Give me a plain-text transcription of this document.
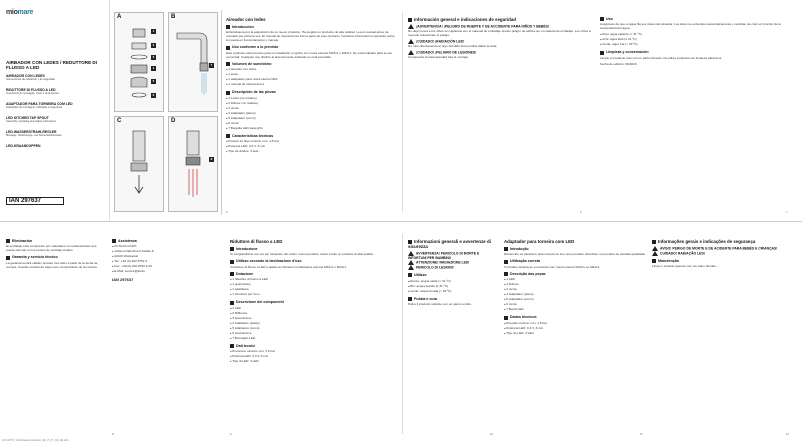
miomare
AIRBADOR CON LEDES / REDUTTORE DI FLUSSO A LED
AIREADOR CON LEDES
Instrucciones de utilización y de seguridad
RIDUTTORE DI FLUSSO A LED
Avvertenze di montaggio, d'uso e di sicurezza
ADAPTADOR PARA TORNEIRA COM LED
Indicações de montagem, utilização e segurança
LED KITCHEN TAP SPOUT
Assembly, operating and safety instructions
LED-WASSERSTRAHLREGLER
Montage-, Bedienungs- und Sicherheitshinweise
LED-KRAANDOPPEN
IAN 297637
A
1
2
3
4
5
6
B
7
C	D
8
Aireador con ledes
Introducción

Enhorabuena por la adquisición de su nuevo producto. Ha elegido un producto de alta calidad. Lea el manual antes de montarlo por primera vez. El manual de instrucciones forma parte de este producto. Contiene información importante sobre la puesta en funcionamiento y manejo.

Uso conforme a lo previsto

Este producto está previsto para su instalación en grifos con rosca exterior M22x1 o M24x1. No está indicado para el uso comercial. Cualquier uso distinto al anteriormente indicado no está permitido.

Volumen de suministro
● 1 aireador con ledes
● 1 junta
● 1 adaptador para rosca interior M24
● 1 manual de instrucciones
Descripción de las piezas
● 1 Ledes (no rotativo)
● 2 Difusor (no rotativo)
● 3 Junta
● 4 Adaptador (plano)
● 5 Adaptador (curvo)
● 6 Junta
● 7 Boquilla LED para grifo
Características técnicas
● Presión de flujo mínima: mín. 1,5 bar
● Potencia LED: 0,3 V, 6 mA
● Tipo de diodos: 3 leds
5
Información general e indicaciones de seguridad
¡ADVERTENCIA! ¡PELIGRO DE MUERTE Y DE ACCIDENTE PARA NIÑOS Y BEBÉS!

No deje nunca a los niños sin vigilancia con el material de embalaje. Existe peligro de asfixia por el material de embalaje. Los niños a menudo subestiman el peligro.

¡CUIDADO! ¡RADIACIÓN LED!

No mire directamente al rayo del LED. Esto podría dañar la vista.

¡CUIDADO! ¡PELIGRO DE LESIONES!

Compruebe la estanqueidad tras el montaje.

6
Uso

Asegúrese de que el agua fluya a través del aireador. Los ledes se encienden automáticamente y cambian de color en función de la temperatura del agua.

● Rojo: agua caliente (> 31 ºC)
● Azul: agua tibia (≤ 31 ºC)
● Verde: agua fría (< 29 ºC)
Limpieza y conservación

Limpie el producto solo con un paño húmedo. No utilice productos de limpieza abrasivos.

Fecha de edición: 06/2018

7
Eliminación

El embalaje está compuesto por materiales no contaminantes que puede eliminar en los puntos de reciclaje locales.

Garantía y servicio técnico

La garantía tendrá validez durante tres años a partir de la fecha de compra. Guarde el ticket de caja como comprobante de la compra.

Assistenza
● Kil Smith GmbH
● Johann-Hahnbruch-Straße 8
● 42103 Wuppertal
● Tel.: +49 (0) 202 8752 4
● Fax: +49 (0) 202 8752 4-29
● E-Mail: service@kil.de
IAN 297637
8
Riduttore di flusso a LED
Introduzione

Ci congratuliamo con voi per l'acquisto del vostro nuovo prodotto. Avete scelto un prodotto di alta qualità.

Utilizzo secondo la destinazione d'uso

Il riduttore di flusso a LED è adatto ai rubinetti con filettatura esterna M22x1 o M24x1.

Dotazione
● 1 riduttore di flusso a LED
● 1 guarnizione
● 1 adattatore
● 1 istruzioni per l'uso
Descrizione dei componenti
● 1 LED
● 2 Diffusore
● 3 Guarnizione
● 4 Adattatore (piatto)
● 5 Adattatore (curvo)
● 6 Guarnizione
● 7 Boccaglio LED
Dati tecnici
● Pressione minima: min. 1,5 bar
● Potenza LED: 0,3 V, 6 mA
● Tipo di LED: 3 LED
9
Informazioni generali e avvertenze di sicurezza
AVVERTENZA! PERICOLO DI MORTE E INFORTUNI PER BAMBINI!
ATTENZIONE! RADIAZIONE LED!
PERICOLO DI LESIONI!
Utilizzo
● Rosso: acqua calda (> 31 ºC)
● Blu: acqua tiepida (≤ 31 ºC)
● Verde: acqua fredda (< 29 ºC)
Pulizia e cura

Pulire il prodotto soltanto con un panno umido.

10
Adaptador para torneira com LED
Introdução

Damos-lhe os parabéns pela compra do seu novo produto. Escolheu um produto de elevada qualidade.

Utilização correta

O produto destina-se a torneiras com rosca exterior M22x1 ou M24x1.

Descrição das peças
● 1 LED
● 2 Difusor
● 3 Junta
● 4 Adaptador (plano)
● 5 Adaptador (curvo)
● 6 Junta
● 7 Bocal LED
Dados técnicos
● Pressão mínima: mín. 1,5 bar
● Potência LED: 0,3 V, 6 mA
● Tipo de LED: 3 LED
11
Informações gerais e indicações de segurança
AVISO! PERIGO DE MORTE E DE ACIDENTE PARA BEBÉS E CRIANÇAS!
CUIDADO! RADIAÇÃO LED!
Manutenção

Limpe o produto apenas com um pano húmido.

12
IAN 297637_LED-Wasserstrahlregler_ES_IT_PT_GB_DE.indb
